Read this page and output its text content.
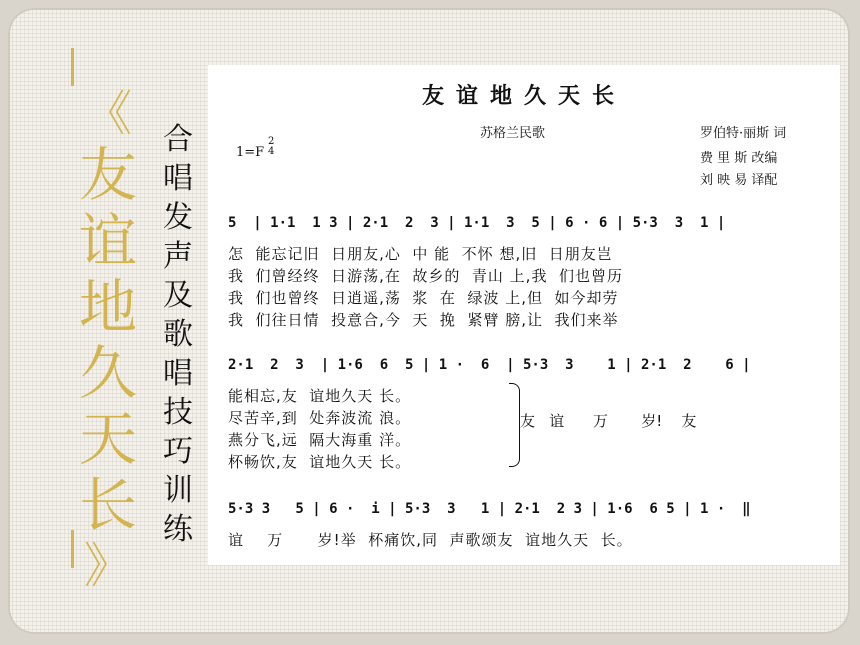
《
友
谊
地
久
天
长
》
合
唱
发
声
及
歌
唱
技
巧
训
练
友谊地久天长
1=F
2
4
苏格兰民歌	罗伯特·丽斯 词
费 里 斯 改编
刘 映 易 译配
5  | 1·1  1 3 | 2·1  2  3 | 1·1  3  5 | 6 · 6 | 5·3  3  1 |
怎  能忘记旧  日朋友,心  中 能  不怀 想,旧  日朋友岂
我  们曾经终  日游荡,在  故乡的  青山 上,我  们也曾历
我  们也曾终  日逍遥,荡  浆  在  绿波 上,但  如今却劳
我  们往日情  投意合,今  天  挽  紧臂 膀,让  我们来举
2·1  2  3  | 1·6  6  5 | 1 ·  6  | 5·3  3    1 | 2·1  2    6 |
能相忘,友  谊地久天 长。
尽苦辛,到  处奔波流 浪。
燕分飞,远  隔大海重 洋。
杯畅饮,友  谊地久天 长。
友   谊      万       岁!    友
5·3 3   5 | 6 ·  i | 5·3  3   1 | 2·1  2 3 | 1·6  6 5 | 1 ·  ‖
谊    万      岁!举  杯痛饮,同  声歌颂友  谊地久天  长。
